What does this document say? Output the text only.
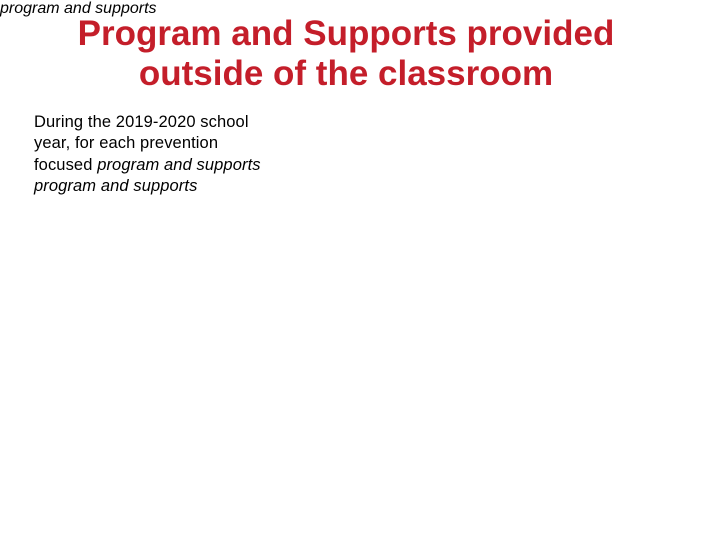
Program and Supports provided
outside of the classroom

During the 2019-2020 school year, for each prevention focused program and supports

program and supports
program and supports
